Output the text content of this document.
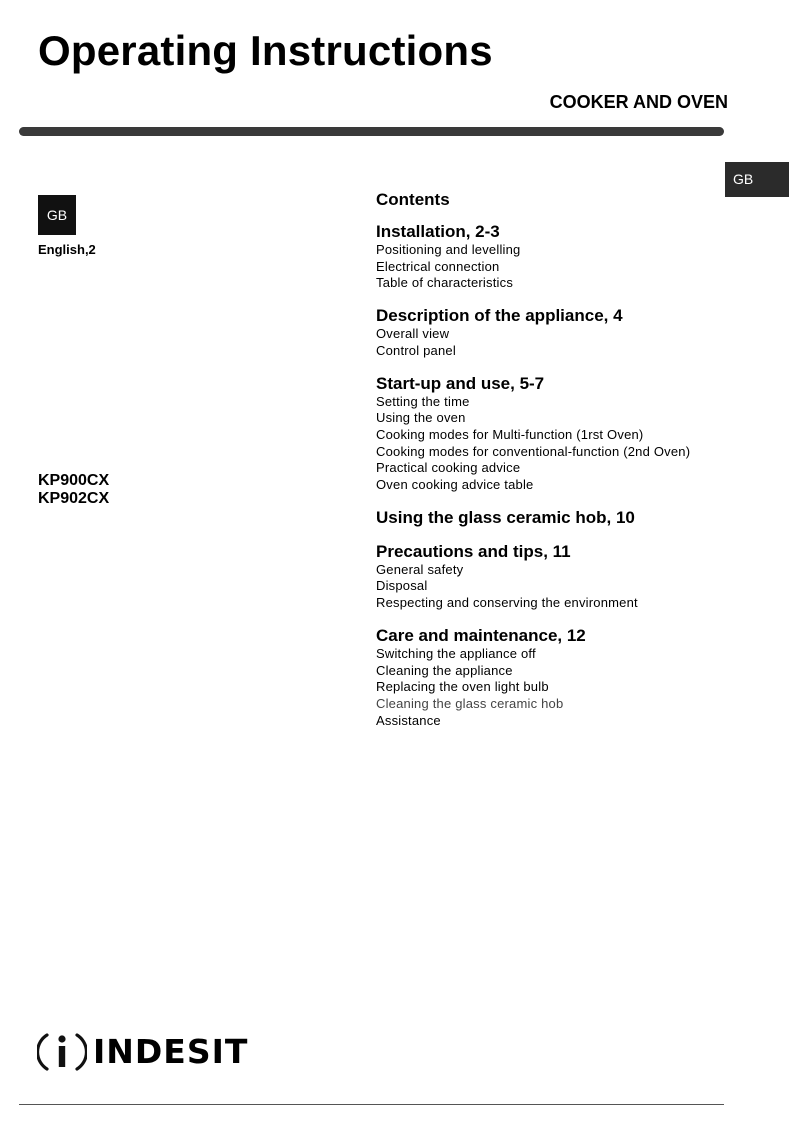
Operating Instructions
COOKER AND OVEN
GB
GB
English,2
KP900CX
KP902CX
Contents
Installation, 2-3
Positioning and levelling
Electrical connection
Table of characteristics
Description of the appliance, 4
Overall view
Control panel
Start-up and use, 5-7
Setting the time
Using the oven
Cooking modes for Multi-function (1rst Oven)
Cooking modes for conventional-function (2nd Oven)
Practical cooking advice
Oven cooking advice table
Using the glass ceramic hob, 10
Precautions and tips, 11
General safety
Disposal
Respecting and conserving the environment
Care and maintenance, 12
Switching the appliance off
Cleaning the appliance
Replacing the oven light bulb
Cleaning the glass ceramic hob
Assistance
INDESIT
